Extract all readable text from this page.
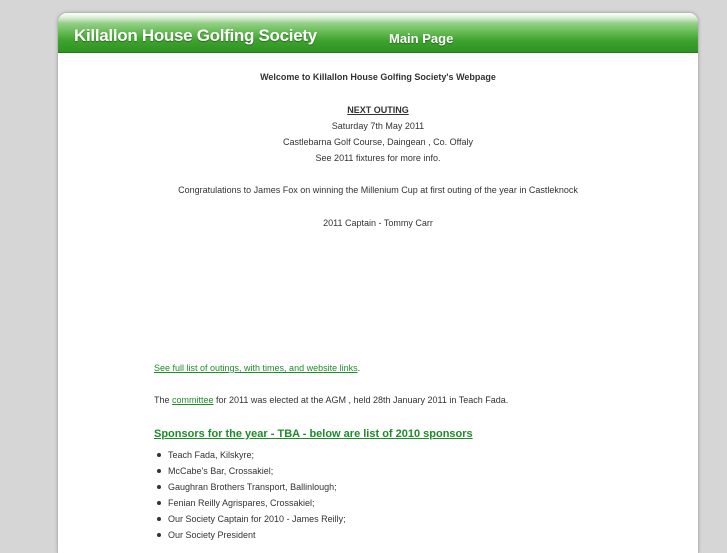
Killallon House Golfing Society	Main Page
Welcome to Killallon House Golfing Society's Webpage
NEXT OUTING
Saturday 7th May 2011
Castlebarna Golf Course, Daingean , Co. Offaly
See 2011 fixtures for more info.
Congratulations to James Fox on winning the Millenium Cup at first outing of the year in Castleknock
2011 Captain - Tommy Carr
See full list of outings, with times, and website links.
The committee for 2011 was elected at the AGM , held 28th January 2011 in Teach Fada.
Sponsors for the year - TBA - below are list of 2010 sponsors
Teach Fada, Kilskyre;
McCabe's Bar, Crossakiel;
Gaughran Brothers Transport, Ballinlough;
Fenian Reilly Agrispares, Crossakiel;
Our Society Captain for 2010 - James Reilly;
Our Society President
